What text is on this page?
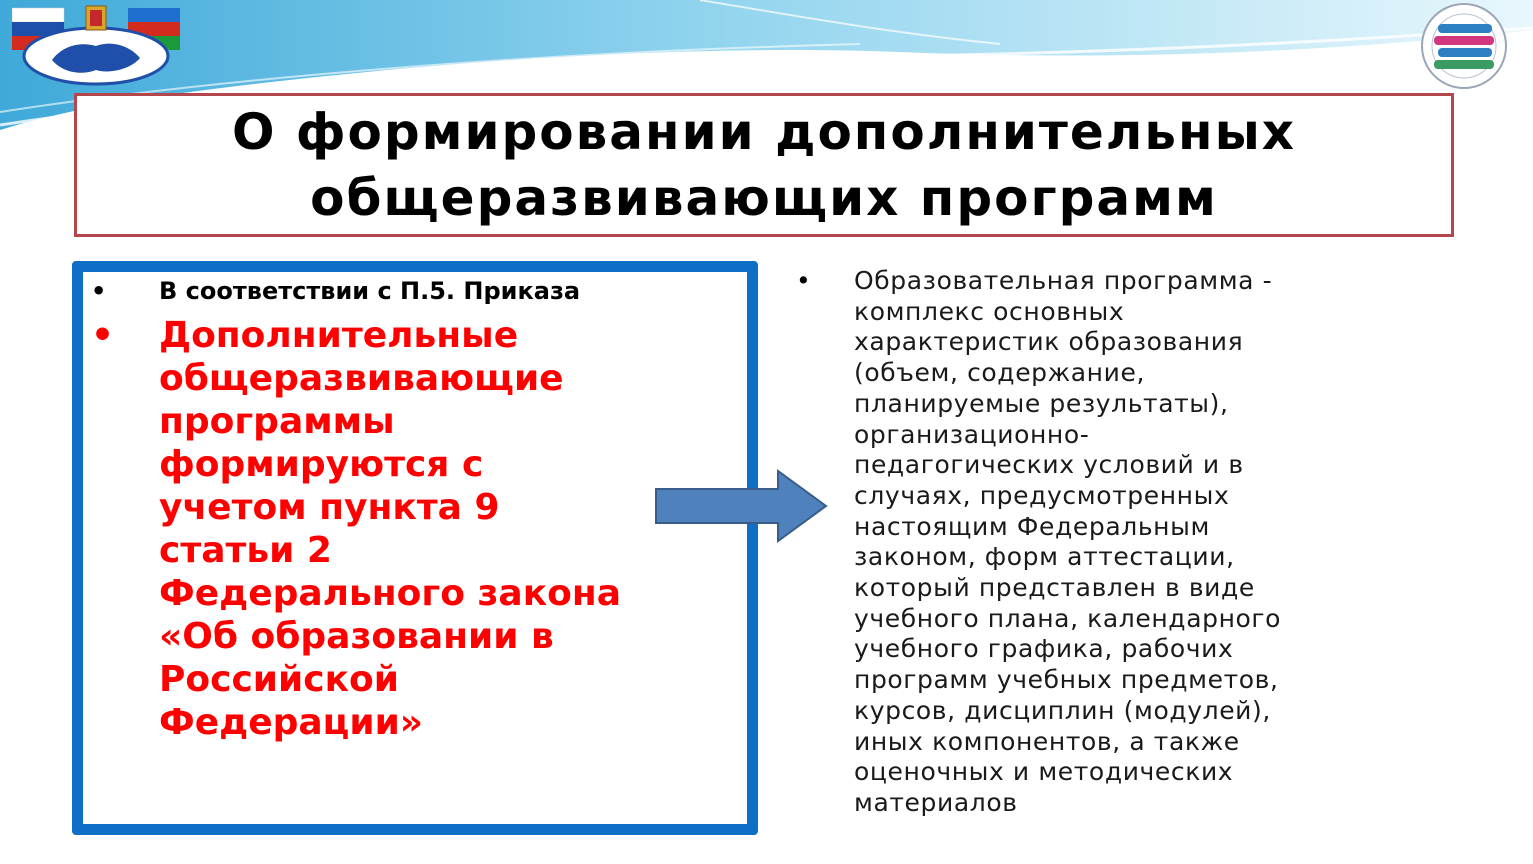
О формировании дополнительных
общеразвивающих программ
•	В соответствии с П.5. Приказа
•	Дополнительные
общеразвивающие
программы
формируются с
учетом пункта 9
статьи 2
Федерального закона
«Об образовании в
Российской
Федерации»
• Образовательная программа -
комплекс основных
характеристик образования
(объем, содержание,
планируемые результаты),
организационно-
педагогических условий и в
случаях, предусмотренных
настоящим Федеральным
законом, форм аттестации,
который представлен в виде
учебного плана, календарного
учебного графика, рабочих
программ учебных предметов,
курсов, дисциплин (модулей),
иных компонентов, а также
оценочных и методических
материалов
